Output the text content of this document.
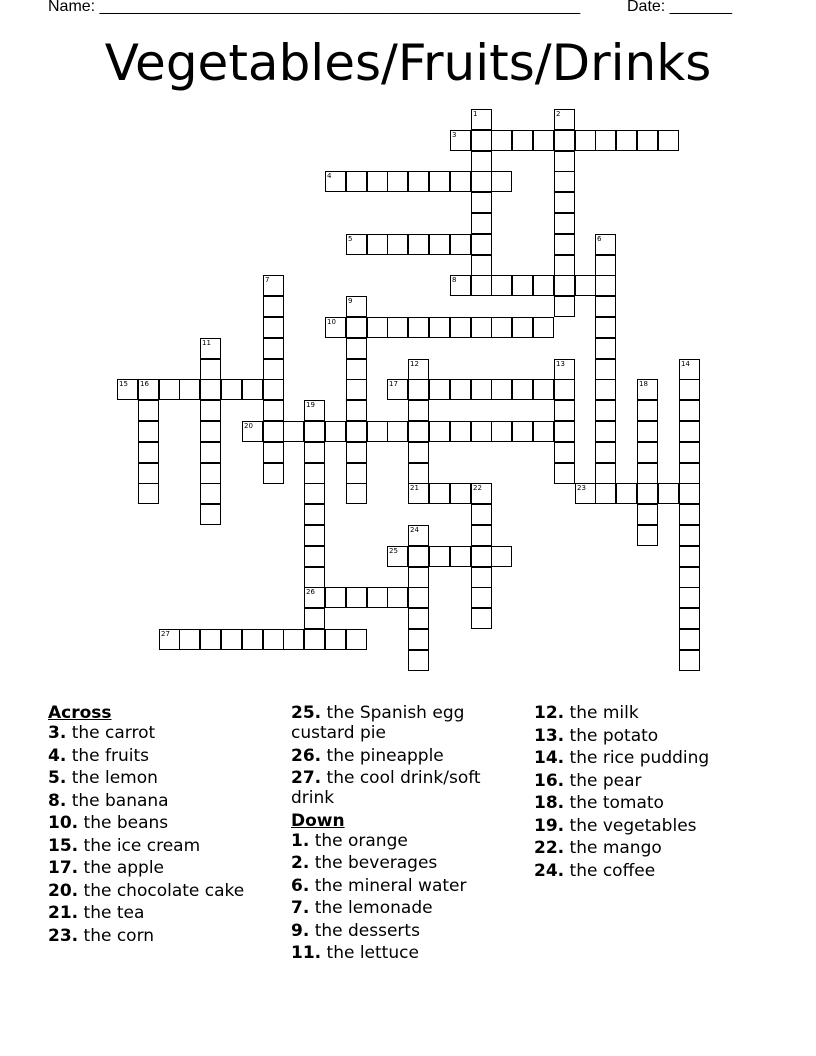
Name: ______________________________________________________	Date: _______
Vegetables/Fruits/Drinks
1	2
3
4
5	6
7	8
9
10
11
12
21
13	14
15 16	17	18
19
26
20
22	23
24
25
27
Across
3. the carrot
4. the fruits
5. the lemon
8. the banana
10. the beans
15. the ice cream
17. the apple
20. the chocolate cake
21. the tea
23. the corn
25. the Spanish egg custard pie
26. the pineapple
27. the cool drink/soft drink
Down
1. the orange
2. the beverages
6. the mineral water
7. the lemonade
9. the desserts
11. the lettuce
12. the milk
13. the potato
14. the rice pudding
16. the pear
18. the tomato
19. the vegetables
22. the mango
24. the coffee
